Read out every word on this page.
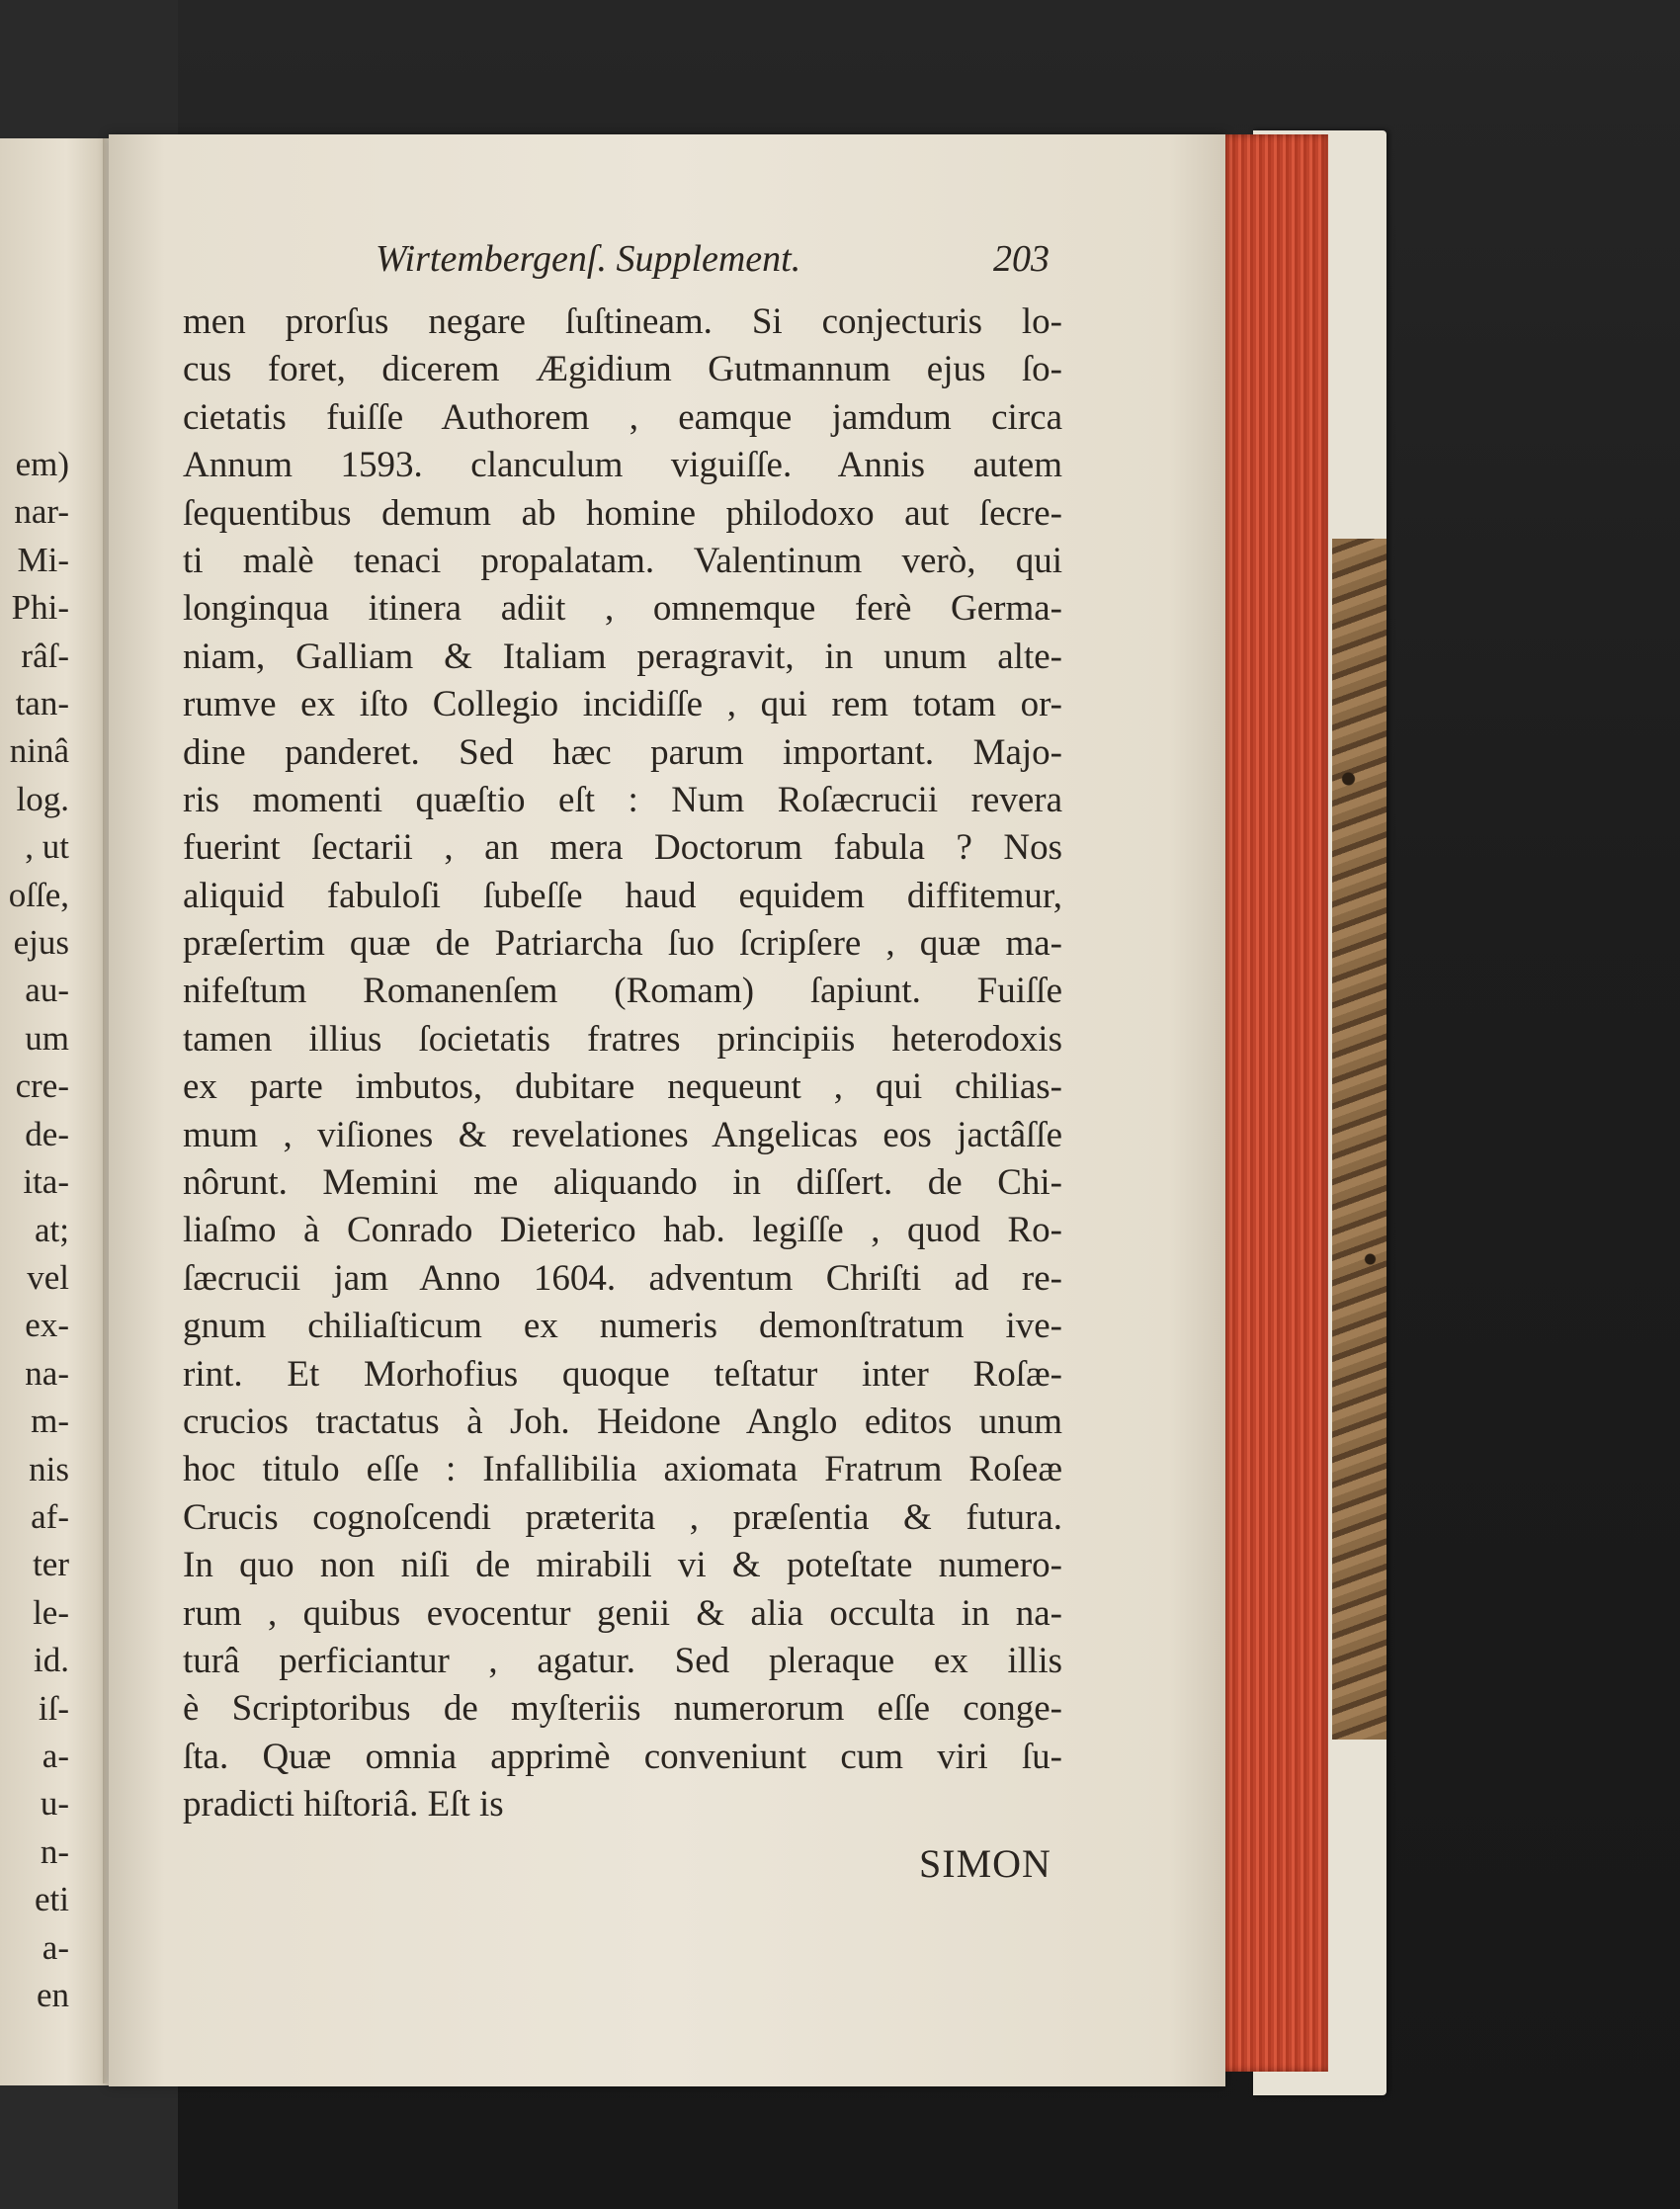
em)
nar-
Mi-
Phi-
râſ-
tan-
ninâ
log.
, ut
oſſe,
ejus
au-
um
cre-
de-
ita-
at;
vel
ex-
na-
m-
nis
af-
ter
le-
id.
iſ-
a-
u-
n-
eti
a-
en
Wirtembergenſ. Supplement.	203
men prorſus negare ſuſtineam. Si conjecturis lo-
cus foret, dicerem Ægidium Gutmannum ejus ſo-
cietatis fuiſſe Authorem , eamque jamdum circa
Annum 1593. clanculum viguiſſe. Annis autem
ſequentibus demum ab homine philodoxo aut ſecre-
ti malè tenaci propalatam. Valentinum verò, qui
longinqua itinera adiit , omnemque ferè Germa-
niam, Galliam & Italiam peragravit, in unum alte-
rumve ex iſto Collegio incidiſſe , qui rem totam or-
dine panderet. Sed hæc parum important. Majo-
ris momenti quæſtio eſt : Num Roſæcrucii revera
fuerint ſectarii , an mera Doctorum fabula ? Nos
aliquid fabuloſi ſubeſſe haud equidem diffitemur,
præſertim quæ de Patriarcha ſuo ſcripſere , quæ ma-
nifeſtum Romanenſem (Romam) ſapiunt. Fuiſſe
tamen illius ſocietatis fratres principiis heterodoxis
ex parte imbutos, dubitare nequeunt , qui chilias-
mum , viſiones & revelationes Angelicas eos jactâſſe
nôrunt. Memini me aliquando in diſſert. de Chi-
liaſmo à Conrado Dieterico hab. legiſſe , quod Ro-
ſæcrucii jam Anno 1604. adventum Chriſti ad re-
gnum chiliaſticum ex numeris demonſtratum ive-
rint. Et Morhofius quoque teſtatur inter Roſæ-
crucios tractatus à Joh. Heidone Anglo editos unum
hoc titulo eſſe : Infallibilia axiomata Fratrum Roſeæ
Crucis cognoſcendi præterita , præſentia & futura.
In quo non niſi de mirabili vi & poteſtate numero-
rum , quibus evocentur genii & alia occulta in na-
turâ perficiantur , agatur. Sed pleraque ex illis
è Scriptoribus de myſteriis numerorum eſſe conge-
ſta. Quæ omnia apprimè conveniunt cum viri ſu-
pradicti hiſtoriâ. Eſt is
SIMON
